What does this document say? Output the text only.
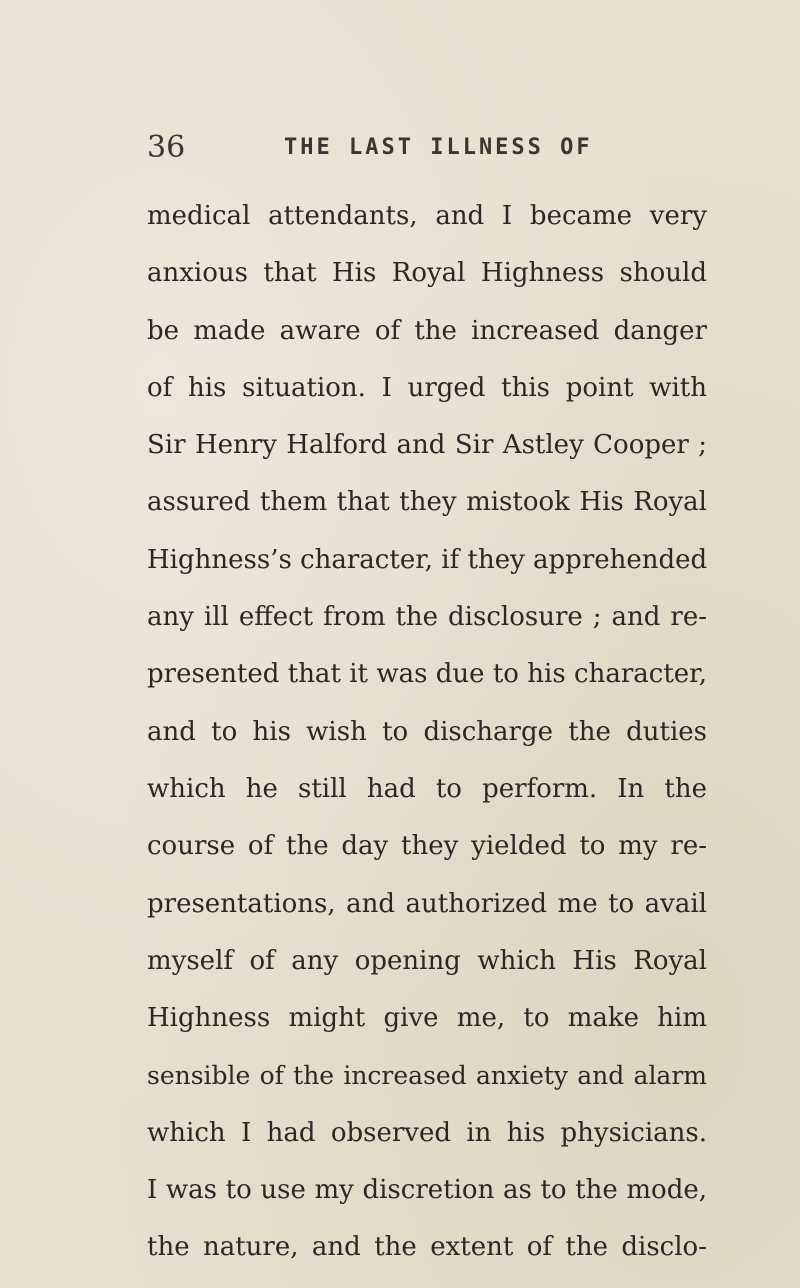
36	THE LAST ILLNESS OF
medical attendants, and I became very
anxious that His Royal Highness should
be made aware of the increased danger
of his situation. I urged this point with
Sir Henry Halford and Sir Astley Cooper ;
assured them that they mistook His Royal
Highness’s character, if they apprehended
any ill effect from the disclosure ; and re-
presented that it was due to his character,
and to his wish to discharge the duties
which he still had to perform. In the
course of the day they yielded to my re-
presentations, and authorized me to avail
myself of any opening which His Royal
Highness might give me, to make him
sensible of the increased anxiety and alarm
which I had observed in his physicians.
I was to use my discretion as to the mode,
the nature, and the extent of the disclo-
